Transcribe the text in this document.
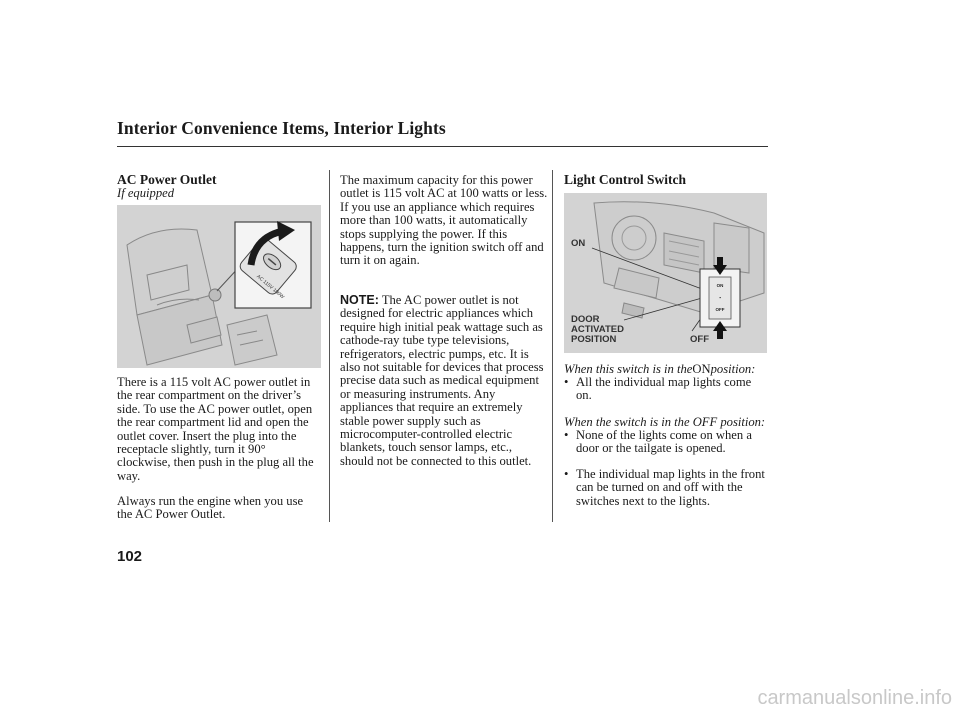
Interior Convenience Items, Interior Lights
AC Power Outlet
If equipped
AC 115V 100W
There is a 115 volt AC power outlet in the rear compartment on the driver’s side. To use the AC power outlet, open the rear compartment lid and open the outlet cover. Insert the plug into the receptacle slightly, turn it 90° clockwise, then push in the plug all the way.
Always run the engine when you use the AC Power Outlet.
The maximum capacity for this power outlet is 115 volt AC at 100 watts or less. If you use an appliance which requires more than 100 watts, it automatically stops supplying the power. If this happens, turn the ignition switch off and turn it on again.
NOTE: The AC power outlet is not designed for electric appliances which require high initial peak wattage such as cathode-ray tube type televisions, refrigerators, electric pumps, etc. It is also not suitable for devices that process precise data such as medical equipment or measuring instruments. Any appliances that require an extremely stable power supply such as microcomputer-controlled electric blankets, touch sensor lamps, etc., should not be connected to this outlet.
Light Control Switch
ON
▪
OFF
ON
DOOR
ACTIVATED
POSITION	OFF
When this switch is in theONposition:
• All the individual map lights come on.
When the switch is in the OFF position:
• None of the lights come on when a door or the tailgate is opened.
• The individual map lights in the front can be turned on and off with the switches next to the lights.
102
carmanualsonline.info
